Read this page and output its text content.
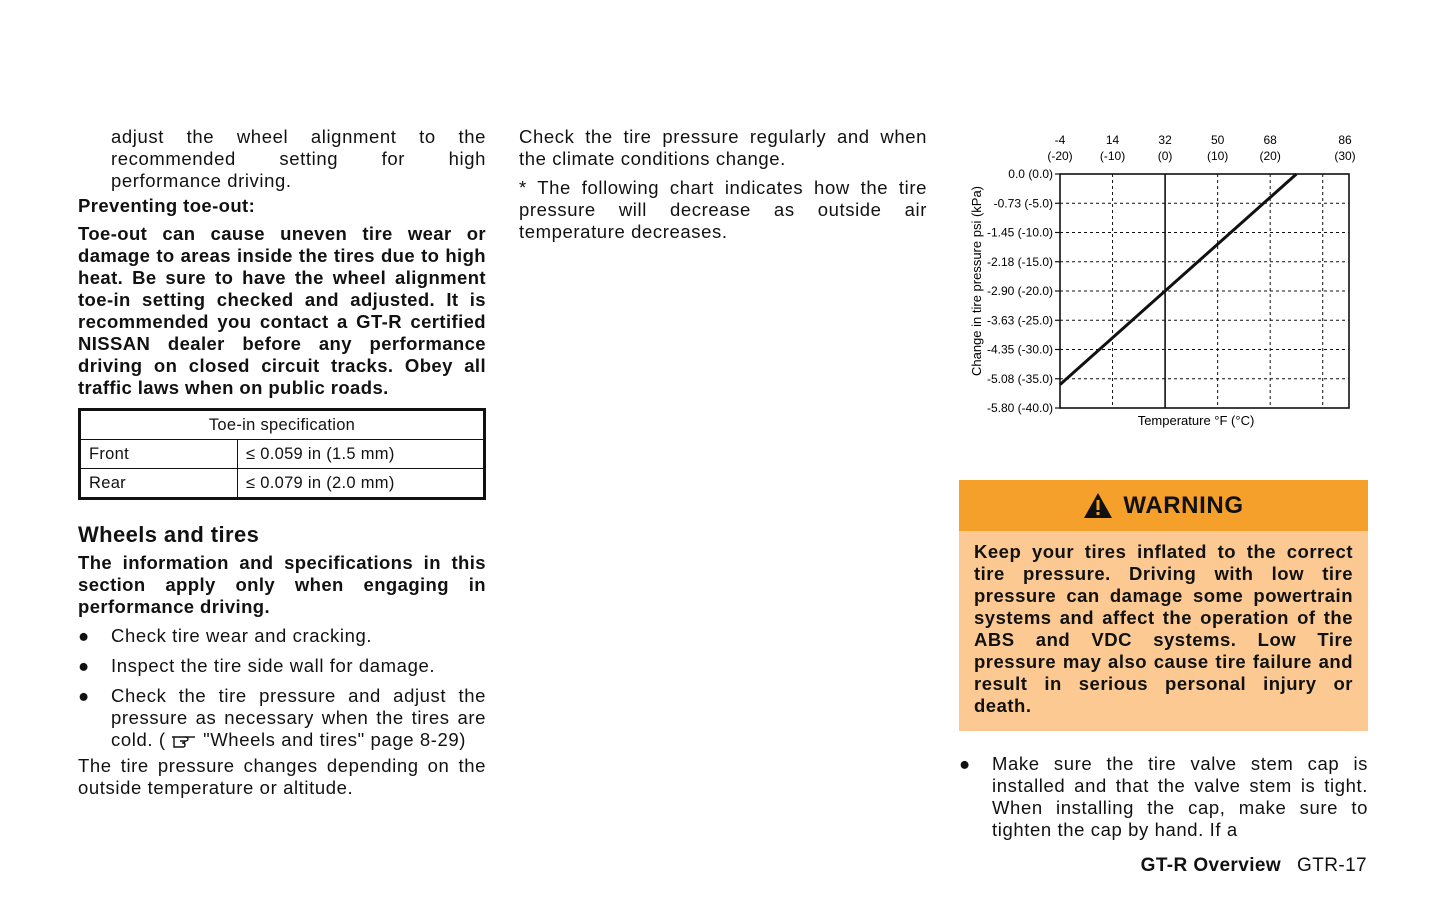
adjust the wheel alignment to the recommended setting for high performance driving.

Preventing toe-out:

Toe-out can cause uneven tire wear or damage to areas inside the tires due to high heat. Be sure to have the wheel alignment toe-in setting checked and adjusted. It is recommended you contact a GT-R certified NISSAN dealer before any performance driving on closed circuit tracks. Obey all traffic laws when on public roads.

Toe-in specification	
Front	≤ 0.059 in (1.5 mm)
Rear	≤ 0.079 in (2.0 mm)
Wheels and tires

The information and specifications in this section apply only when engaging in performance driving.

● Check tire wear and cracking.
● Inspect the tire side wall for damage.
● Check the tire pressure and adjust the pressure as necessary when the tires are cold. ( "Wheels and tires" page 8-29)

The tire pressure changes depending on the outside temperature or altitude.

Check the tire pressure regularly and when the climate conditions change.

* The following chart indicates how the tire pressure will decrease as outside air temperature decreases.

-4
(-20)
14
(-10)
32
(0)
50
(10)
68
(20)
86
(30)
0.0 (0.0)
-0.73 (-5.0)
-1.45 (-10.0)
-2.18 (-15.0)
-2.90 (-20.0)
-3.63 (-25.0)
-4.35 (-30.0)
-5.08 (-35.0)
-5.80 (-40.0)
Temperature °F (°C)
Change in tire pressure psi (kPa)
WARNING

Keep your tires inflated to the correct tire pressure. Driving with low tire pressure can damage some powertrain systems and affect the operation of the ABS and VDC systems. Low Tire pressure may also cause tire failure and result in serious personal injury or death.

● Make sure the tire valve stem cap is installed and that the valve stem is tight. When installing the cap, make sure to tighten the cap by hand. If a
GT-R Overview GTR-17
